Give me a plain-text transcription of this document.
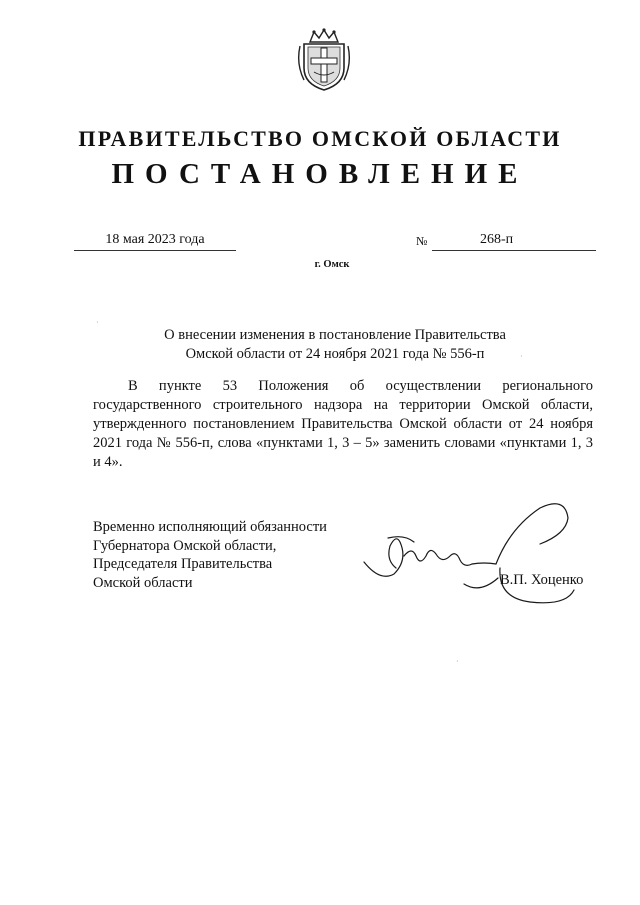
ПРАВИТЕЛЬСТВО ОМСКОЙ ОБЛАСТИ
ПОСТАНОВЛЕНИЕ
18 мая 2023 года	№	268-п
г. Омск
О внесении изменения в постановление Правительства
Омской области от 24 ноября 2021 года № 556-п

В пункте 53 Положения об осуществлении регионального государственного строительного надзора на территории Омской области, утвержденного постановлением Правительства Омской области от 24 ноября 2021 года № 556-п, слова «пунктами 1, 3 – 5» заменить словами «пунктами 1, 3 и 4».

Временно исполняющий обязанности
Губернатора Омской области,
Председателя Правительства
Омской области	В.П. Хоценко
·
·
·
